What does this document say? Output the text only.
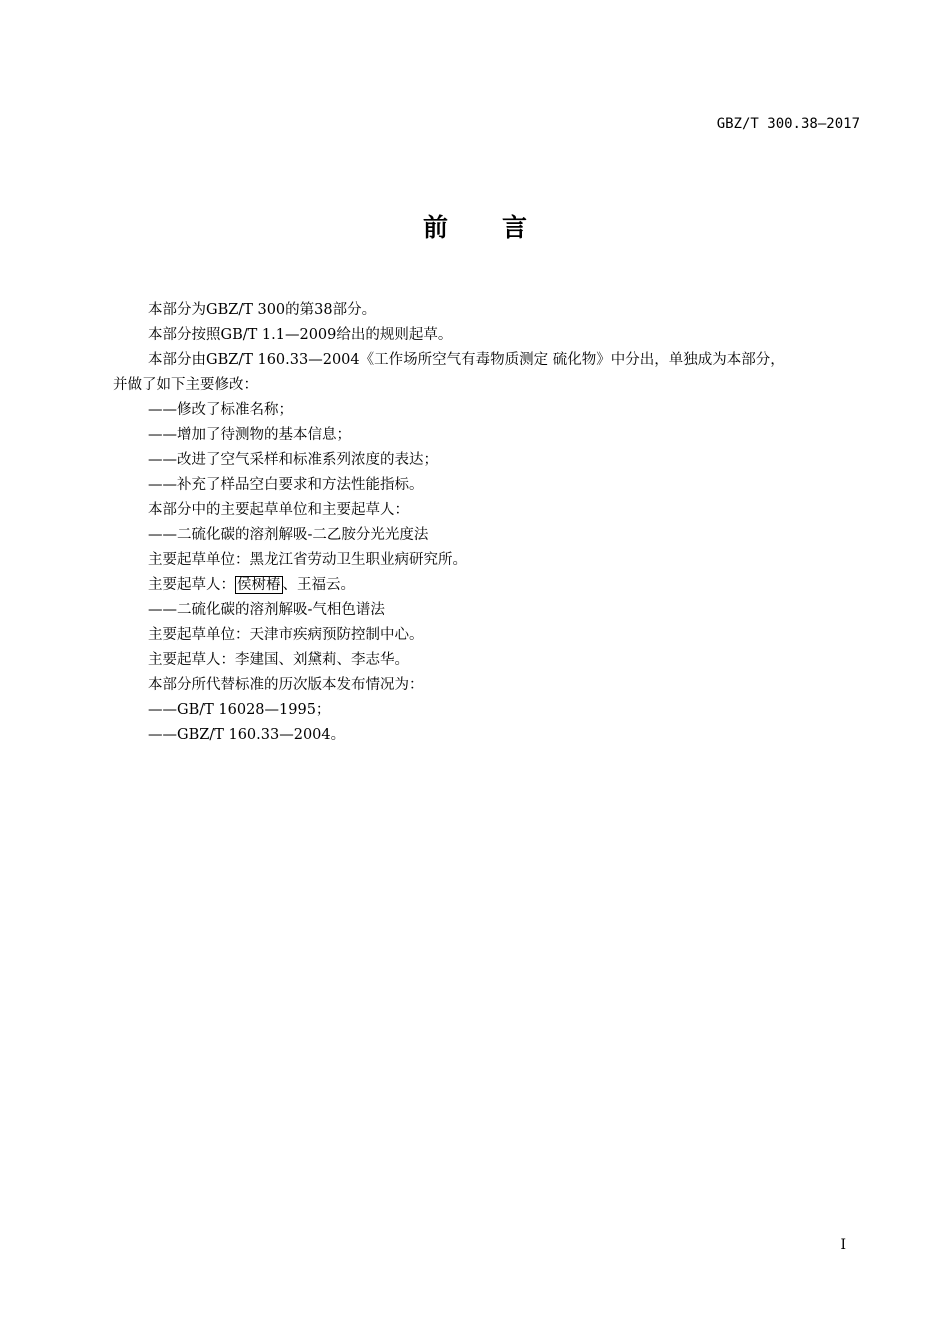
GBZ/T 300.38—2017
前 言

本部分为GBZ/T 300的第38部分。

本部分按照GB/T 1.1—2009给出的规则起草。

本部分由GBZ/T 160.33—2004《工作场所空气有毒物质测定 硫化物》中分出，单独成为本部分，

并做了如下主要修改：

——修改了标准名称；

——增加了待测物的基本信息；

——改进了空气采样和标准系列浓度的表达；

——补充了样品空白要求和方法性能指标。

本部分中的主要起草单位和主要起草人：

——二硫化碳的溶剂解吸-二乙胺分光光度法

主要起草单位：黑龙江省劳动卫生职业病研究所。

主要起草人： 侯树椿 、王福云。

——二硫化碳的溶剂解吸-气相色谱法

主要起草单位：天津市疾病预防控制中心。

主要起草人：李建国、刘黛莉、李志华。

本部分所代替标准的历次版本发布情况为：

——GB/T 16028—1995；

——GBZ/T 160.33—2004。

I
